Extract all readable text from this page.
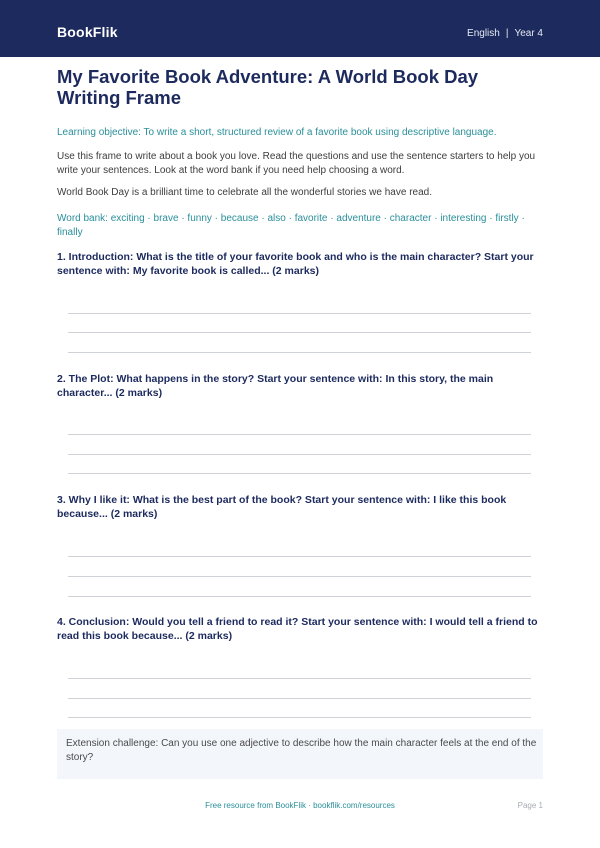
BookFlik	English | Year 4
My Favorite Book Adventure: A World Book Day Writing Frame
Learning objective: To write a short, structured review of a favorite book using descriptive language.
Use this frame to write about a book you love. Read the questions and use the sentence starters to help you write your sentences. Look at the word bank if you need help choosing a word.
World Book Day is a brilliant time to celebrate all the wonderful stories we have read.
Word bank: exciting · brave · funny · because · also · favorite · adventure · character · interesting · firstly · finally
1. Introduction: What is the title of your favorite book and who is the main character? Start your sentence with: My favorite book is called... (2 marks)
2. The Plot: What happens in the story? Start your sentence with: In this story, the main character... (2 marks)
3. Why I like it: What is the best part of the book? Start your sentence with: I like this book because... (2 marks)
4. Conclusion: Would you tell a friend to read it? Start your sentence with: I would tell a friend to read this book because... (2 marks)
Extension challenge: Can you use one adjective to describe how the main character feels at the end of the story?
Free resource from BookFlik · bookflik.com/resources	Page 1
